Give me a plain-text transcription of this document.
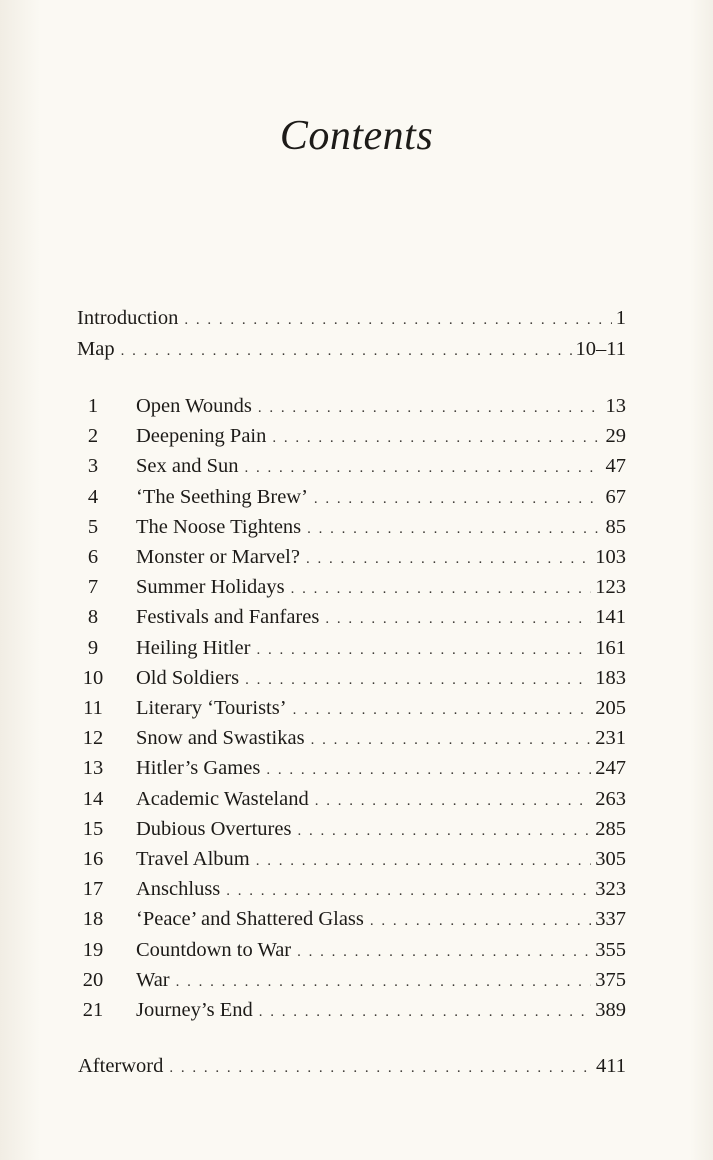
Contents
Introduction . . .	1
Map . . .	10–11
1	Open Wounds . . .	13
2	Deepening Pain . . .	29
3	Sex and Sun . . .	47
4	‘The Seething Brew’ . . .	67
5	The Noose Tightens . . .	85
6	Monster or Marvel? . . .	103
7	Summer Holidays . . .	123
8	Festivals and Fanfares . . .	141
9	Heiling Hitler . . .	161
10	Old Soldiers . . .	183
11	Literary ‘Tourists’ . . .	205
12	Snow and Swastikas . . .	231
13	Hitler’s Games . . .	247
14	Academic Wasteland . . .	263
15	Dubious Overtures . . .	285
16	Travel Album . . .	305
17	Anschluss . . .	323
18	‘Peace’ and Shattered Glass . . .	337
19	Countdown to War . . .	355
20	War . . .	375
21	Journey’s End . . .	389
Afterword . . .	411
